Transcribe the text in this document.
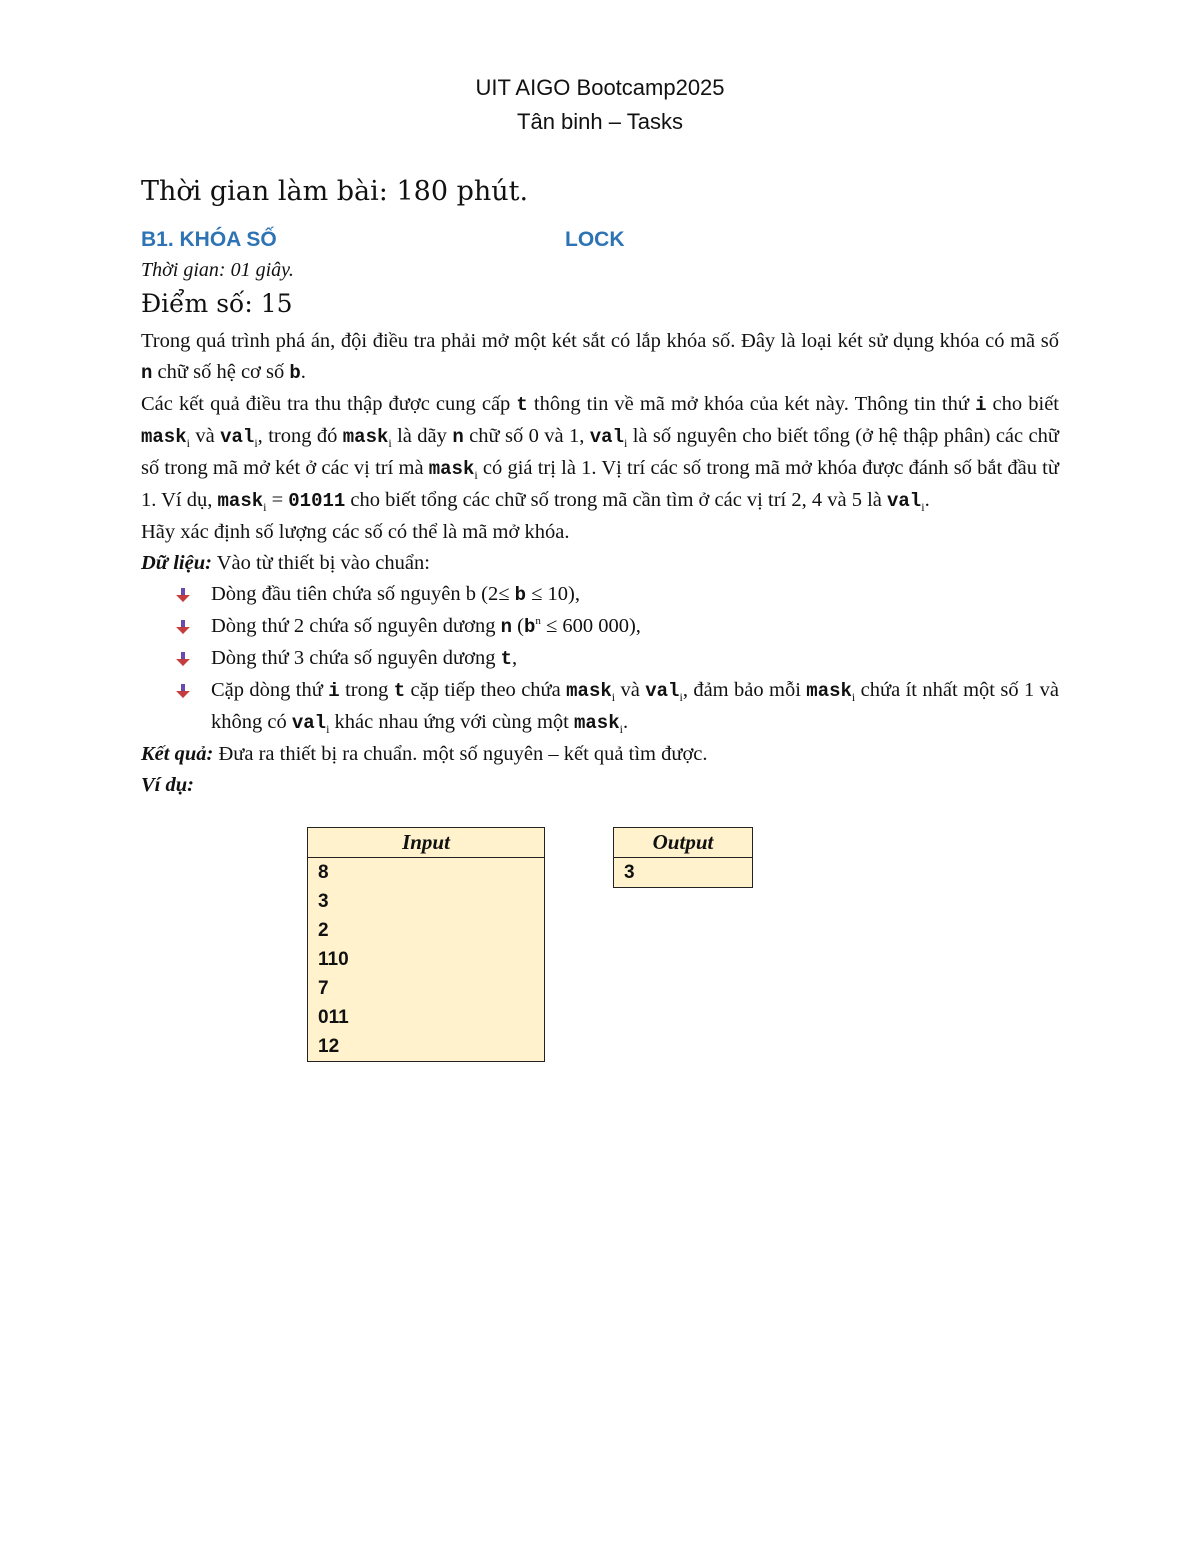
UIT AIGO Bootcamp2025
Tân binh – Tasks
Thời gian làm bài: 180 phút.
B1. KHÓA SỐ	LOCK
Thời gian: 01 giây.
Điểm số: 15

Trong quá trình phá án, đội điều tra phải mở một két sắt có lắp khóa số. Đây là loại két sử dụng khóa có mã số n chữ số hệ cơ số b.

Các kết quả điều tra thu thập được cung cấp t thông tin về mã mở khóa của két này. Thông tin thứ i cho biết mask$_i$ và val$_i$, trong đó mask$_i$ là dãy n chữ số 0 và 1, val$_i$ là số nguyên cho biết tổng (ở hệ thập phân) các chữ số trong mã mở két ở các vị trí mà mask$_i$ có giá trị là 1. Vị trí các số trong mã mở khóa được đánh số bắt đầu từ 1. Ví dụ, mask$_i$ = 01011 cho biết tổng các chữ số trong mã cần tìm ở các vị trí 2, 4 và 5 là val$_i$.

Hãy xác định số lượng các số có thể là mã mở khóa.

Dữ liệu: Vào từ thiết bị vào chuẩn:

Dòng đầu tiên chứa số nguyên b (2≤ b ≤ 10),
Dòng thứ 2 chứa số nguyên dương n ($b^n \le 600$ 000),
Dòng thứ 3 chứa số nguyên dương t,
Cặp dòng thứ i trong t cặp tiếp theo chứa mask$_i$ và val$_i$, đảm bảo mỗi mask$_i$ chứa ít nhất một số 1 và không có val$_i$ khác nhau ứng với cùng một mask$_i$.

Kết quả: Đưa ra thiết bị ra chuẩn. một số nguyên – kết quả tìm được.

Ví dụ:

Input

8
3
2
110
7
011
12
Output

3
